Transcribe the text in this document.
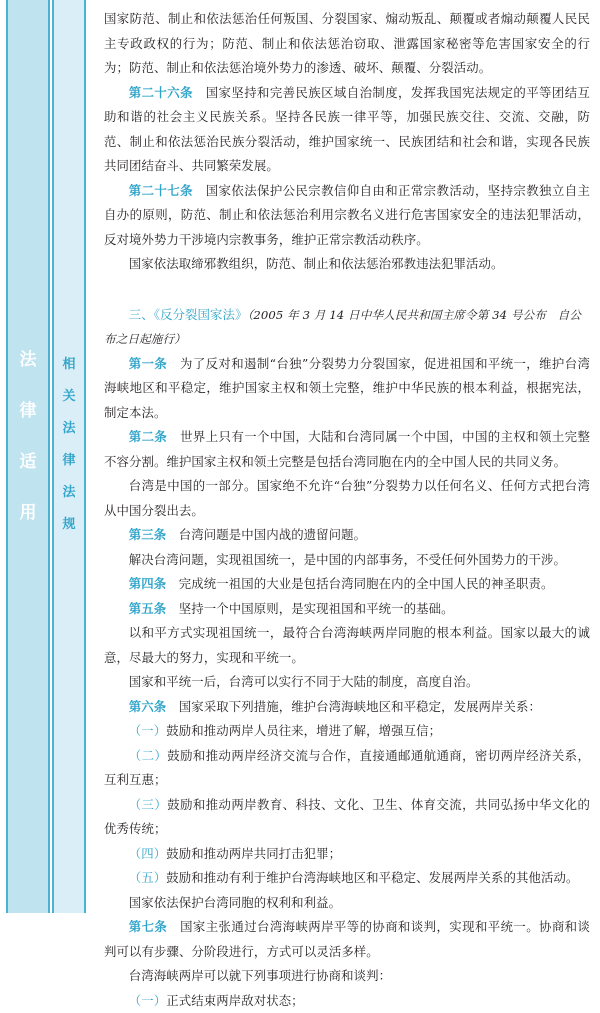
法
律
适
用
相
关
法
律
法
规

国家防范、制止和依法惩治任何叛国、分裂国家、煽动叛乱、颠覆或者煽动颠覆人民民主专政政权的行为；防范、制止和依法惩治窃取、泄露国家秘密等危害国家安全的行为；防范、制止和依法惩治境外势力的渗透、破坏、颠覆、分裂活动。

第二十六条　 国家坚持和完善民族区域自治制度，发挥我国宪法规定的平等团结互助和谐的社会主义民族关系。坚持各民族一律平等，加强民族交往、交流、交融，防范、制止和依法惩治民族分裂活动，维护国家统一、民族团结和社会和谐，实现各民族共同团结奋斗、共同繁荣发展。

第二十七条　 国家依法保护公民宗教信仰自由和正常宗教活动，坚持宗教独立自主自办的原则，防范、制止和依法惩治利用宗教名义进行危害国家安全的违法犯罪活动，反对境外势力干涉境内宗教事务，维护正常宗教活动秩序。

国家依法取缔邪教组织，防范、制止和依法惩治邪教违法犯罪活动。

三、《反分裂国家法》（2005 年 3 月 14 日中华人民共和国主席令第 34 号公布　自公布之日起施行）

第一条　 为了反对和遏制“台独”分裂势力分裂国家，促进祖国和平统一，维护台湾海峡地区和平稳定，维护国家主权和领土完整，维护中华民族的根本利益，根据宪法，制定本法。

第二条　 世界上只有一个中国，大陆和台湾同属一个中国，中国的主权和领土完整不容分割。维护国家主权和领土完整是包括台湾同胞在内的全中国人民的共同义务。

台湾是中国的一部分。国家绝不允许“台独”分裂势力以任何名义、任何方式把台湾从中国分裂出去。

第三条　 台湾问题是中国内战的遗留问题。

解决台湾问题，实现祖国统一，是中国的内部事务，不受任何外国势力的干涉。

第四条　 完成统一祖国的大业是包括台湾同胞在内的全中国人民的神圣职责。

第五条　 坚持一个中国原则，是实现祖国和平统一的基础。

以和平方式实现祖国统一，最符合台湾海峡两岸同胞的根本利益。国家以最大的诚意，尽最大的努力，实现和平统一。

国家和平统一后，台湾可以实行不同于大陆的制度，高度自治。

第六条　 国家采取下列措施，维护台湾海峡地区和平稳定，发展两岸关系：

（一）鼓励和推动两岸人员往来，增进了解，增强互信；

（二）鼓励和推动两岸经济交流与合作，直接通邮通航通商，密切两岸经济关系，互利互惠；

（三）鼓励和推动两岸教育、科技、文化、卫生、体育交流，共同弘扬中华文化的优秀传统；

（四）鼓励和推动两岸共同打击犯罪；

（五）鼓励和推动有利于维护台湾海峡地区和平稳定、发展两岸关系的其他活动。

国家依法保护台湾同胞的权利和利益。

第七条　 国家主张通过台湾海峡两岸平等的协商和谈判，实现和平统一。协商和谈判可以有步骤、分阶段进行，方式可以灵活多样。

台湾海峡两岸可以就下列事项进行协商和谈判：

（一）正式结束两岸敌对状态；
